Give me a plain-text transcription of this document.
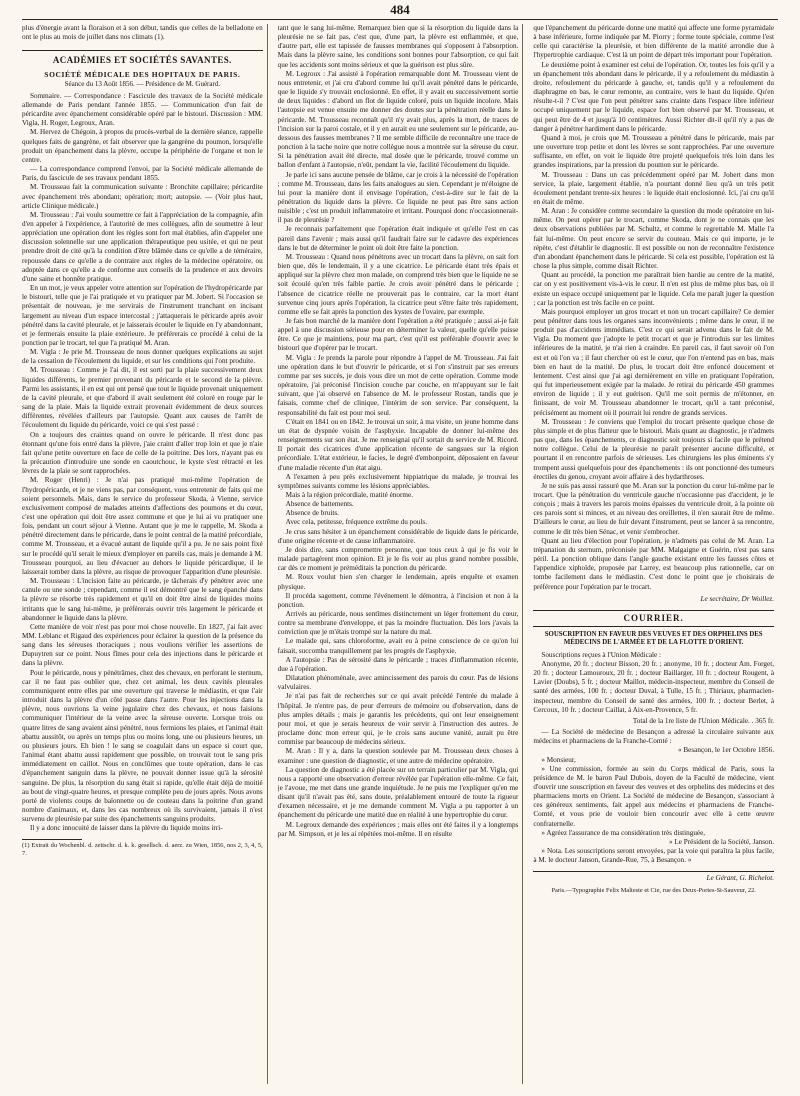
484

plus d'énergie avant la floraison et à son début, tandis que celles de la belladone en ont le plus au mois de juillet dans nos climats (1).

ACADÉMIES ET SOCIÉTÉS SAVANTES.
SOCIÉTÉ MÉDICALE DES HOPITAUX DE PARIS.
Séance du 13 Août 1856. — Présidence de M. Guérard.

Sommaire. — Correspondance : Fascicule des travaux de la Société médicale allemande de Paris pendant l'année 1855. — Communication d'un fait de péricardite avec épanchement considérable opéré par le bistouri. Discussion : MM. Vigla, H. Roger, Legroux, Aran.

M. Hervez de Chégoin, à propos du procès-verbal de la dernière séance, rappelle quelques faits de gangrène, et fait observer que la gangrène du poumon, lorsqu'elle produit un épanchement dans la plèvre, occupe la périphérie de l'organe et non le centre.

— La correspondance comprend l'envoi, par la Société médicale allemande de Paris, du fascicule de ses travaux pendant 1855.

M. Trousseau fait la communication suivante : Bronchite capillaire; péricardite avec épanchement très abondant; opération; mort; autopsie. — (Voir plus haut, article Clinique médicale.)

M. Trousseau : J'ai voulu soumettre ce fait à l'appréciation de la compagnie, afin d'en appeler à l'expérience, à l'autorité de mes collègues, afin de soumettre à leur appréciation une opération dont les règles sont fort mal établies, afin d'appeler une discussion solennelle sur une application thérapeutique peu usitée, et qui ne peut prendre droit de cité qu'à la condition d'être blâmée dans ce qu'elle a de téméraire, repoussée dans ce qu'elle a de contraire aux règles de la médecine opératoire, ou adoptée dans ce qu'elle a de conforme aux conseils de la prudence et aux devoirs d'une saine et honnête pratique.

En un mot, je veux appeler votre attention sur l'opération de l'hydropéricarde par le bistouri, telle que je l'ai pratiquée et vu pratiquer par M. Jobert. Si l'occasion se présentait de nouveau, je me servirais de l'instrument tranchant en incisant largement au niveau d'un espace intercostal ; j'attaquerais le péricarde après avoir pénétré dans la cavité pleurale, et je laisserais écouler le liquide en l'y abandonnant, et je fermerais ensuite la plaie extérieure. Je préférerais ce procédé à celui de la ponction par le trocart, tel que l'a pratiqué M. Aran.

M. Vigla : Je prie M. Trousseau de nous donner quelques explications au sujet de la cessation de l'écoulement du liquide, et sur les conditions qui l'ont produite.

M. Trousseau : Comme je l'ai dit, il est sorti par la plaie successivement deux liquides différents, le premier provenant du péricarde et le second de la plèvre. Parmi les assistants, il en est qui ont pensé que tout le liquide provenait uniquement de la cavité pleurale, et que d'abord il avait seulement été coloré en rouge par le sang de la plaie. Mais la liquide extrait provenait évidemment de deux sources différentes, révélées d'ailleurs par l'autopsie. Quant aux causes de l'arrêt de l'écoulement du liquide du péricarde, voici ce qui s'est passé :

On a toujours des craintes quand on ouvre le péricarde. Il n'est donc pas étonnant qu'une fois entré dans la plèvre, j'aie craint d'aller trop loin et que je n'aie fait qu'une petite ouverture en face de celle de la poitrine. Des lors, n'ayant pas eu la précaution d'introduire une sonde en caoutchouc, le kyste s'est rétracté et les lèvres de la plaie se sont rapprochées.

M. Roger (Henri) : Je n'ai pas pratiqué moi-même l'opération de l'hydropéricarde, et je ne viens pas, par conséquent, vous entretenir de faits qui me soient personnels. Mais, dans le service du professeur Skoda, à Vienne, service exclusivement composé de malades atteints d'affections des poumons et du cœur, c'est une opération qui doit être assez commune et que je lui ai vu pratiquer une fois, pendant un court séjour à Vienne. Autant que je me le rappelle, M. Skoda a pénétré directement dans le péricarde, dans le point central de la matité précordiale, comme M. Trousseau, et a évacué autant de liquide qu'il a pu. Je ne sais point fixé sur le procédé qu'il serait le mieux d'employer en pareils cas, mais je demande à M. Trousseau pourquoi, au lieu d'évacuer au dehors le liquide péricardique, il le laisserait tomber dans la plèvre, au risque de provoquer l'apparition d'une pleurésie.

M. Trousseau : L'incision faite au péricarde, je tâcherais d'y pénétrer avec une canule ou une sonde ; cependant, comme il est démontré que le sang épanché dans la plèvre se résorbe très rapidement et qu'il en doit être ainsi de liquides moins irritants que le sang lui-même, je préférerais ouvrir très largement le péricarde et abandonner le liquide dans la plèvre.

Cette manière de voir n'est pas pour moi chose nouvelle. En 1827, j'ai fait avec MM. Leblanc et Rigaud des expériences pour éclairer la question de la présence du sang dans les séreuses thoraciques ; nous voulions vérifier les assertions de Dupuytren sur ce point. Nous fîmes pour cela des injections dans le péricarde et dans la plèvre.

Pour le péricarde, nous y pénétrâmes, chez des chevaux, en perforant le sternum, car il ne faut pas oublier que, chez cet animal, les deux cavités pleurales communiquent entre elles par une ouverture qui traverse le médiastin, et que l'air introduit dans la plèvre d'un côté passe dans l'autre. Pour les injections dans la plèvre, nous ouvrions la veine jugulaire chez des chevaux, et nous faisions communiquer l'intérieur de la veine avec la séreuse ouverte. Lorsque trois ou quatre litres de sang avaient ainsi pénétré, nous fermions les plaies, et l'animal était abattu aussitôt, ou après un temps plus ou moins long, une ou plusieurs heures, un ou plusieurs jours. Eh bien ! le sang se coagulait dans un espace si court que, l'animal étant abattu aussi rapidement que possible, on trouvait tout le sang pris immédiatement en caillot. Nous en conclûmes que toute opération, dans le cas d'épanchement sanguin dans la plèvre, ne pouvait donner issue qu'à la sérosité sanguine. De plus, la résorption du sang était si rapide, qu'elle était déjà de moitié au bout de vingt-quatre heures, et presque complète peu de jours après. Nous avons porté de violents coups de baïonnette ou de couteau dans la poitrine d'un grand nombre d'animaux, et, dans les cas nombreux où ils survivaient, jamais il n'est survenu de pleurésie par suite des épanchements sanguins produits.

Il y a donc innocuité de laisser dans la plèvre du liquide moins irri-

(1) Extrait du Wochenbl. d. zeitschr. d. k. k. gesellsch. d. aerz. zu Wien, 1856, nos 2, 3, 4, 5, 7.

tant que le sang lui-même. Remarquez bien que si la résorption du liquide dans la pleurésie ne se fait pas, c'est que, d'une part, la plèvre est enflammée, et que, d'autre part, elle est tapissée de fausses membranes qui s'opposent à l'absorption. Mais dans la plèvre saine, les conditions sont bonnes pour l'absorption, ce qui fait que les accidents sont moins sérieux et que la guérison est plus sûre.

M. Legroux : J'ai assisté à l'opération remarquable dont M. Trousseau vient de nous entretenir, et j'ai cru d'abord comme lui qu'il avait pénétré dans le péricarde, que le liquide s'y trouvait enclosionné. En effet, il y avait eu successivement sortie de deux liquides : d'abord un flot de liquide coloré, puis un liquide incolore. Mais l'autopsie est venue ensuite me donner des doutes sur la pénétration réelle dans le péricarde. M. Trousseau reconnaît qu'il n'y avait plus, après la mort, de traces de l'incision sur la paroi costale, et il y en aurait eu une seulement sur le péricarde, au-dessous des fausses membranes ? Il me semble difficile de reconnaître une trace de ponction à la tache noire que notre collègue nous a montrée sur la séreuse du cœur. Si la pénétration avait été directe, mal dosée que le péricarde, trouvé comme un ballon d'enfant à l'autopsie, n'eût, pendant la vie, facilité l'écoulement du liquide.

Je parle ici sans aucune pensée de blâme, car je crois à la nécessité de l'opération ; comme M. Trousseau, dans les faits analogues au sien. Cependant je m'éloigne de lui pour la manière dont il envisage l'opération, c'est-à-dire sur le fait de la pénétration du liquide dans la plèvre. Ce liquide ne peut pas être sans action nuisible ; c'est un produit inflammatoire et irritant. Pourquoi donc n'occasionnerait-il pas de pleurésie ?

Je reconnais parfaitement que l'opération était indiquée et qu'elle l'est en cas pareil dans l'avenir ; mais aussi qu'il faudrait faire sur le cadavre des expériences dans le but de déterminer le point où doit être faite la ponction.

M. Trousseau : Quand nous pénétrons avec un trocart dans la plèvre, on sait fort bien que, dès le lendemain, il y a une cicatrice. Le péricarde étant très épais et appliqué sur la plèvre chez mon malade, on comprend très bien que le liquide ne se soit écoulé qu'en très faible partie. Je crois avoir pénétré dans le péricarde ; l'absence de cicatrice réelle ne prouverait pas le contraire, car la mort étant survenue cinq jours après l'opération, la cicatrice peut s'être faite très rapidement, comme elle se fait après la ponction des kystes de l'ovaire, par exemple.

Je fais bon marché de la manière dont l'opération a été pratiquée ; aussi ai-je fait appel à une discussion sérieuse pour en déterminer la valeur, quelle qu'elle puisse être. Ce que je maintiens, pour ma part, c'est qu'il est préférable d'ouvrir avec le bistouri que d'opérer par le trocart.

M. Vigla : Je prends la parole pour répondre à l'appel de M. Trousseau. J'ai fait une opération dans le but d'ouvrir le péricarde, et si l'on s'instruit par ses erreurs comme par ses succès, je dois vous dire un mot de cette opération. Comme mode opératoire, j'ai préconisé l'incision couche par couche, en m'appuyant sur le fait suivant, que j'ai observé en l'absence de M. le professeur Rostan, tandis que je faisais, comme chef de clinique, l'intérim de son service. Par conséquent, la responsabilité du fait est pour moi seul.

C'était en 1841 ou en 1842. Je trouvai un soir, à ma visite, un jeune homme dans un état de dyspnée voisin de l'asphyxie. Incapable de donner lui-même des renseignements sur son état. Je me renseignai qu'il sortait du service de M. Ricord. Il portait des cicatrices d'une application récente de sangsues sur la région précordiale. L'état extérieur, le facies, le degré d'embonpoint, déposaient en faveur d'une maladie récente d'un état aigu.

A l'examen à peu près exclusivement hippiatrique du malade, je trouvai les symptômes suivants comme les lésions appréciables.

Mais à la région précordiale, matité énorme.

Absence de battements.

Absence de bruits.

Avec cela, petitesse, fréquence extrême du pouls.

Je crus sans hésiter à un épanchement considérable de liquide dans le péricarde, d'une origine récente et de cause inflammatoire.

Je dois dire, sans compromettre personne, que tous ceux à qui je fis voir le malade partagèrent mon opinion. Et je le fis voir au plus grand nombre possible, car dès ce moment je préméditais la ponction du péricarde.

M. Roux voulut bien s'en charger le lendemain, après enquête et examen physique.

Il procéda sagement, comme l'événement le démontra, à l'incision et non à la ponction.

Arrivés au péricarde, nous sentîmes distinctement un léger frottement du cœur, contre sa membrane d'enveloppe, et pas la moindre fluctuation. Dès lors j'avais la conviction que je m'étais trompé sur la nature du mal.

Le malade qui, sans chloroforme, avait eu à peine conscience de ce qu'on lui faisait, succomba tranquillement par les progrès de l'asphyxie.

A l'autopsie : Pas de sérosité dans le péricarde ; traces d'inflammation récente, due à l'opération.

Dilatation phénoménale, avec amincissement des parois du cœur. Pas de lésions valvulaires.

Je n'ai pas fait de recherches sur ce qui avait précédé l'entrée du malade à l'hôpital. Je n'entre pas, de peur d'erreurs de mémoire ou d'observation, dans de plus amples détails ; mais je garantis les précédents, qui ont leur enseignement pour moi, et que je serais heureux de voir servir à l'instruction des autres. Je proclame donc mon erreur qui, je le crois sans aucune vanité, aurait pu être commise par beaucoup de médecins sérieux.

M. Aran : Il y a, dans la question soulevée par M. Trousseau deux choses à examiner : une question de diagnostic, et une autre de médecine opératoire.

La question de diagnostic a été placée sur un terrain particulier par M. Vigla, qui nous a rapporté une observation d'erreur révélée par l'opération elle-même. Ce fait, je l'avoue, me met dans une grande inquiétude. Je ne puis me l'expliquer qu'en me disant qu'il n'avait pas été, sans doute, préalablement entouré de toute la rigueur d'examen nécessaire, et je me demande comment M. Vigla a pu rapporter à un épanchement du péricarde une matité due en réalité à une hypertrophie du cœur.

M. Legroux demande des expériences ; mais elles ont été faites il y a longtemps par M. Simpson, et je les ai répétées moi-même. Il en résulte

que l'épanchement du péricarde donne une matité qui affecte une forme pyramidale à base inférieure, forme indiquée par M. Piorry ; forme toute spéciale, comme l'est celle qui caractérise la pleurésie, et bien différente de la matité arrondie due à l'hypertrophie cardiaque. C'est là un point de départ très important pour l'opération.

Le deuxième point à examiner est celui de l'opération. Or, toutes les fois qu'il y a un épanchement très abondant dans le péricarde, il y a refoulement du médiastin à droite, refoulement du péricarde à gauche, et, tandis qu'il y a refoulement du diaphragme en bas, le cœur remonte, au contraire, vers le haut du liquide. Qu'en résulte-t-il ? C'est que l'on peut pénétrer sans crainte dans l'espace libre inférieur occupé uniquement par le liquide, espace fort bien observé par M. Trousseau, et qui peut être de 4 et jusqu'à 10 centimètres. Aussi Richter dit-il qu'il n'y a pas de danger à pénétrer hardiment dans le péricarde.

Quand à moi, je crois que M. Trousseau a pénétré dans le péricarde, mais par une ouverture trop petite et dont les lèvres se sont rapprochées. Par une ouverture suffisante, en effet, on voit le liquide être projeté quelquefois très loin dans les grandes inspirations, par la pression du poumon sur le péricarde.

M. Trousseau : Dans un cas précédemment opéré par M. Jobert dans mon service, la plaie, largement établie, n'a pourtant donné lieu qu'à un très petit écoulement pendant trente-six heures : le liquide était enclosionné. Ici, j'ai cru qu'il en était de même.

M. Aran : Je considère comme secondaire la question du mode opératoire en lui-même. On peut opérer par le trocart, comme Skoda, dont je ne connais que les deux observations publiées par M. Schultz, et comme le regrettable M. Malle l'a fait lui-même. On peut encore se servir du couteau. Mais ce qui importe, je le répète, c'est d'établir le diagnostic. Il est possible ou non de reconnaître l'existence d'un abondant épanchement dans le péricarde. Si cela est possible, l'opération est là chose la plus simple, comme disait Richter.

Quant au procédé, la ponction me paraîtrait bien hardie au centre de la matité, car on y est positivement vis-à-vis le cœur. Il n'en est plus de même plus bas, où il existe un espace occupé uniquement par le liquide. Cela me paraît juger la question ; car la ponction est très facile en ce point.

Mais pourquoi employer un gros trocart et non un trocart capillaire? Ce dernier peut pénétrer dans tous les organes sans inconvénients ; même dans le cœur, il ne produit pas d'accidents immédiats. C'est ce qui serait advenu dans le fait de M. Vigla. Du moment que j'adopte le petit trocart et que je l'introduis sur les limites inférieures de la matité, je n'ai rien à craindre. En pareil cas, il faut savoir où l'on est et où l'on va ; il faut chercher où est le cœur, que l'on n'entend pas en bas, mais bien en haut de la matité. De plus, le trocart doit être enfoncé doucement et lentement. C'est ainsi que j'ai agi dernièrement en ville en pratiquant l'opération, qui fut imperieusement exigée par la malade. Je retirai du péricarde 450 grammes environ de liquide ; il y eut guérison. Qu'il me soit permis de m'étonner, en finissant, de voir M. Trousseau abandonner le trocart, qu'il a tant préconisé, précisément au moment où il pourrait lui rendre de grands services.

M. Trousseau : Je conviens que l'emploi du trocart présente quelque chose de plus simple et de plus flatteur que le bistouri. Mais quant au diagnostic, je n'admets pas que, dans les épanchements, ce diagnostic soit toujours si facile que le prétend notre collègue. Celui de la pleurésie ne paraît présenter aucune difficulté, et pourtant il en rencontre parfois de sérieuses. Les chirurgiens les plus éminents s'y trompent aussi quelquefois pour des épanchements : ils ont ponctionné des tumeurs érectiles du genou, croyant avoir affaire à des hydarthroses.

Je ne suis pas aussi rassuré que M. Aran sur la ponction du cœur lui-même par le trocart. Que la pénétration du ventricule gauche n'occasionne pas d'accident, je le conçois ; mais à travers les parois moins épaisses du ventricule droit, à la pointe où ces parois sont si minces, et au niveau des oreillettes, il n'en saurait être de même. D'ailleurs le cœur, au lieu de fuir devant l'instrument, peut se lancer à sa rencontre, comme le dit très bien Sénac, et venir s'embrocher.

Quant au lieu d'élection pour l'opération, je n'admets pas celui de M. Aran. La trépanation du sternum, préconisée par MM. Malgaigne et Guérin, n'est pas sans péril. La ponction oblique dans l'angle gauche existant entre les fausses côtes et l'appendice xiphoïde, proposée par Larrey, est beaucoup plus rationnelle, car on tombe facilement dans le médiastin. C'est donc le point que je choisirais de préférence pour l'opération par le trocart.

Le secrétaire, Dr Woillez.
COURRIER.
SOUSCRIPTION EN FAVEUR DES VEUVES ET DES ORPHELINS DES MÉDECINS DE L'ARMÉE ET DE LA FLOTTE D'ORIENT.

Souscriptions reçues à l'Union Médicale :

Anonyme, 20 fr. ; docteur Bisson, 20 fr. ; anonyme, 10 fr. ; docteur Am. Forget, 20 fr. ; docteur Lamouroux, 20 fr. ; docteur Baillarger, 10 fr. ; docteur Rougent, à Lavier (Doubs), 5 fr. ; docteur Maillot, médecin-inspecteur, membre du Conseil de santé des armées, 100 fr. ; docteur Duval, à Tulle, 15 fr. ; Thiriaux, pharmacien-inspecteur, membre du Conseil de santé des armées, 100 fr. ; docteur Berlet, à Cercoux, 10 fr. ; docteur Caillat, à Aix-en-Provence, 5 fr.

Total de la 1re liste de l'Union Médicale. . 365 fr.

— La Société de médecine de Besançon a adressé la circulaire suivante aux médecins et pharmaciens de la Franche-Comté :

« Besançon, le 1er Octobre 1856.

» Monsieur,

» Une commission, formée au sein du Corps médical de Paris, sous la présidence de M. le baron Paul Dubois, doyen de la Faculté de médecine, vient d'ouvrir une souscription en faveur des veuves et des orphelins des médecins et des pharmaciens morts en Orient. La Société de médecine de Besançon, s'associant à ces généreux sentiments, fait appel aux médecins et pharmaciens de Franche-Comté, et vous prie de vouloir bien concourir avec elle à cette œuvre confraternelle.

» Agréez l'assurance de ma considération très distinguée,

» Le Président de la Société, Janson.

» Nota. Les souscriptions seront envoyées, par la voie qui paraîtra la plus facile, à M. le docteur Janson, Grande-Rue, 75, à Besançon. »

Le Gérant, G. Richelot.
Paris.—Typographie Felix Malteste et Cie, rue des Deux-Portes-St-Sauveur, 22.
